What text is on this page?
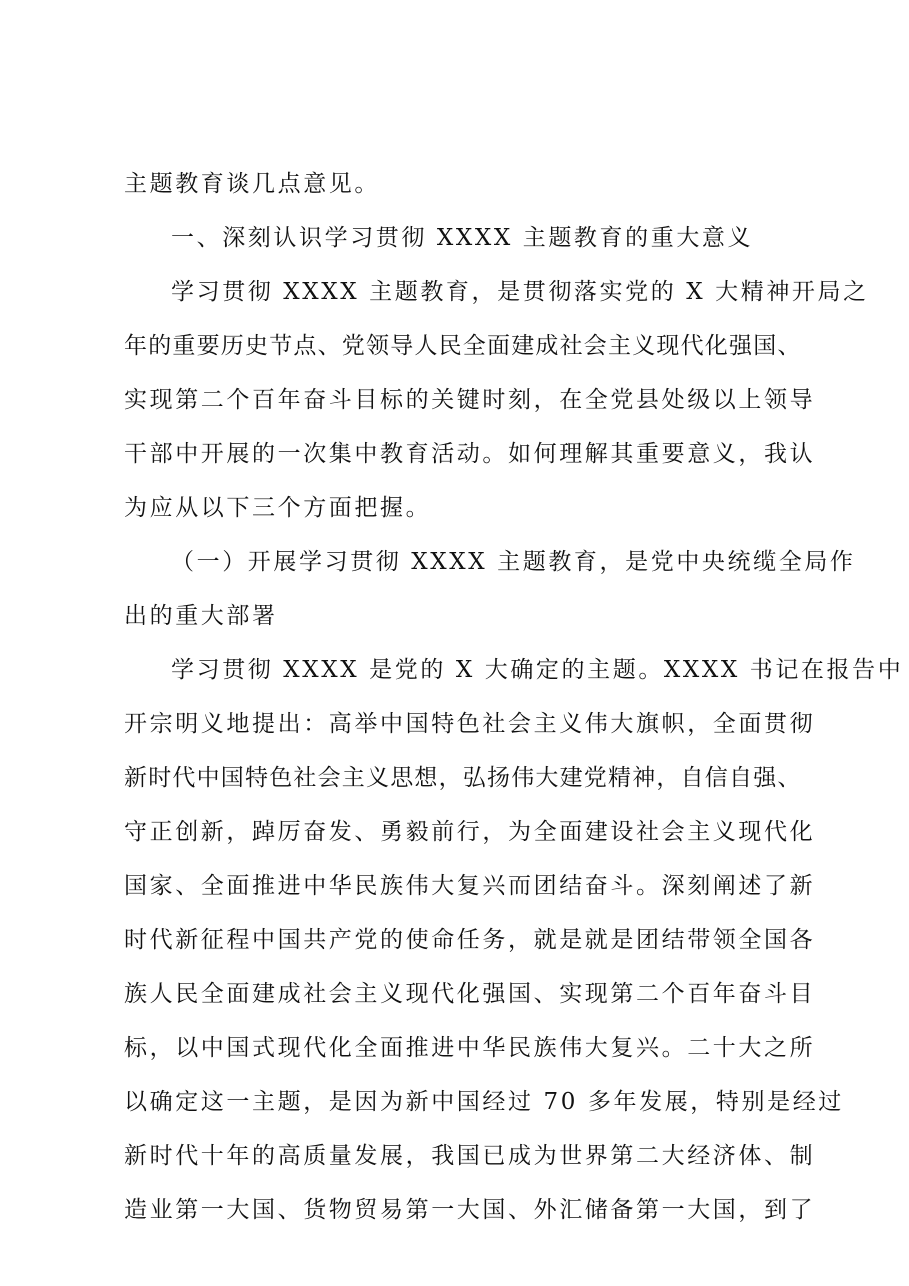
主题教育谈几点意见。
一、深刻认识学习贯彻 XXXX 主题教育的重大意义
学习贯彻 XXXX 主题教育，是贯彻落实党的 X 大精神开局之
年的重要历史节点、党领导人民全面建成社会主义现代化强国、
实现第二个百年奋斗目标的关键时刻，在全党县处级以上领导
干部中开展的一次集中教育活动。如何理解其重要意义，我认
为应从以下三个方面把握。
（一）开展学习贯彻 XXXX 主题教育，是党中央统缆全局作
出的重大部署
学习贯彻 XXXX 是党的 X 大确定的主题。XXXX 书记在报告中
开宗明义地提出：高举中国特色社会主义伟大旗帜，全面贯彻
新时代中国特色社会主义思想，弘扬伟大建党精神，自信自强、
守正创新，踔厉奋发、勇毅前行，为全面建设社会主义现代化
国家、全面推进中华民族伟大复兴而团结奋斗。深刻阐述了新
时代新征程中国共产党的使命任务，就是就是团结带领全国各
族人民全面建成社会主义现代化强国、实现第二个百年奋斗目
标，以中国式现代化全面推进中华民族伟大复兴。二十大之所
以确定这一主题，是因为新中国经过 70 多年发展，特别是经过
新时代十年的高质量发展，我国已成为世界第二大经济体、制
造业第一大国、货物贸易第一大国、外汇储备第一大国，到了
